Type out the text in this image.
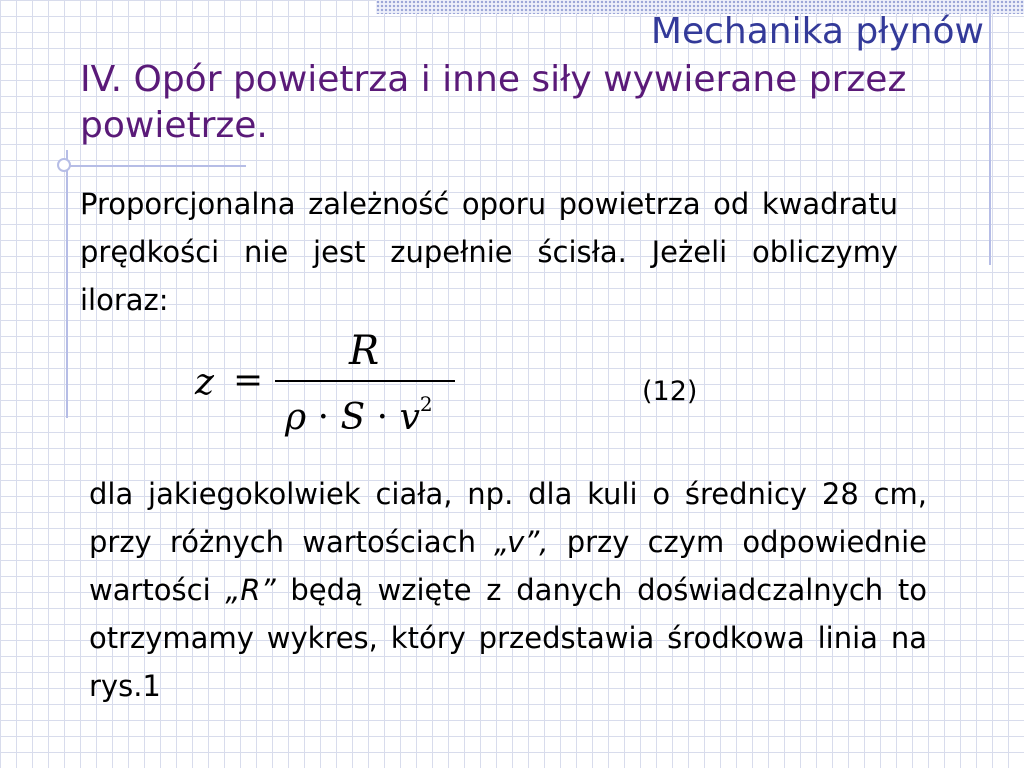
Mechanika płynów
IV. Opór powietrza i inne siły wywierane przez powietrze.

Proporcjonalna zależność oporu powietrza od kwadratu prędkości nie jest zupełnie ścisła. Jeżeli obliczymy iloraz:

z =
R
$\rho \cdot S \cdot v^2$	(12)

dla jakiegokolwiek ciała, np. dla kuli o średnicy 28 cm, przy różnych wartościach „v”, przy czym odpowiednie wartości „R” będą wzięte z danych doświadczalnych to otrzymamy wykres, który przedstawia środkowa linia na rys.1
